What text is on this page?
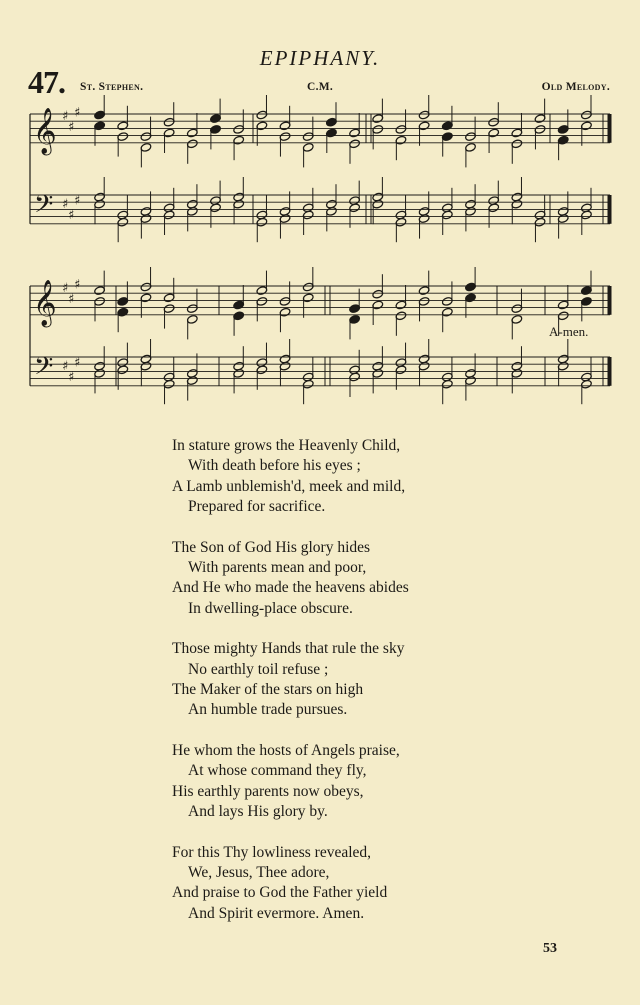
EPIPHANY.
47. St. Stephen.	C.M.	Old Melody.
𝄞
𝄢
♯
♯
♯
♯
♯
♯
𝄞
𝄢
♯
♯
♯
♯
♯
♯
A-men.
In stature grows the Heavenly Child,
With death before his eyes ;
A Lamb unblemish'd, meek and mild,
Prepared for sacrifice.
The Son of God His glory hides
With parents mean and poor,
And He who made the heavens abides
In dwelling-place obscure.
Those mighty Hands that rule the sky
No earthly toil refuse ;
The Maker of the stars on high
An humble trade pursues.
He whom the hosts of Angels praise,
At whose command they fly,
His earthly parents now obeys,
And lays His glory by.
For this Thy lowliness revealed,
We, Jesus, Thee adore,
And praise to God the Father yield
And Spirit evermore. Amen.
53
